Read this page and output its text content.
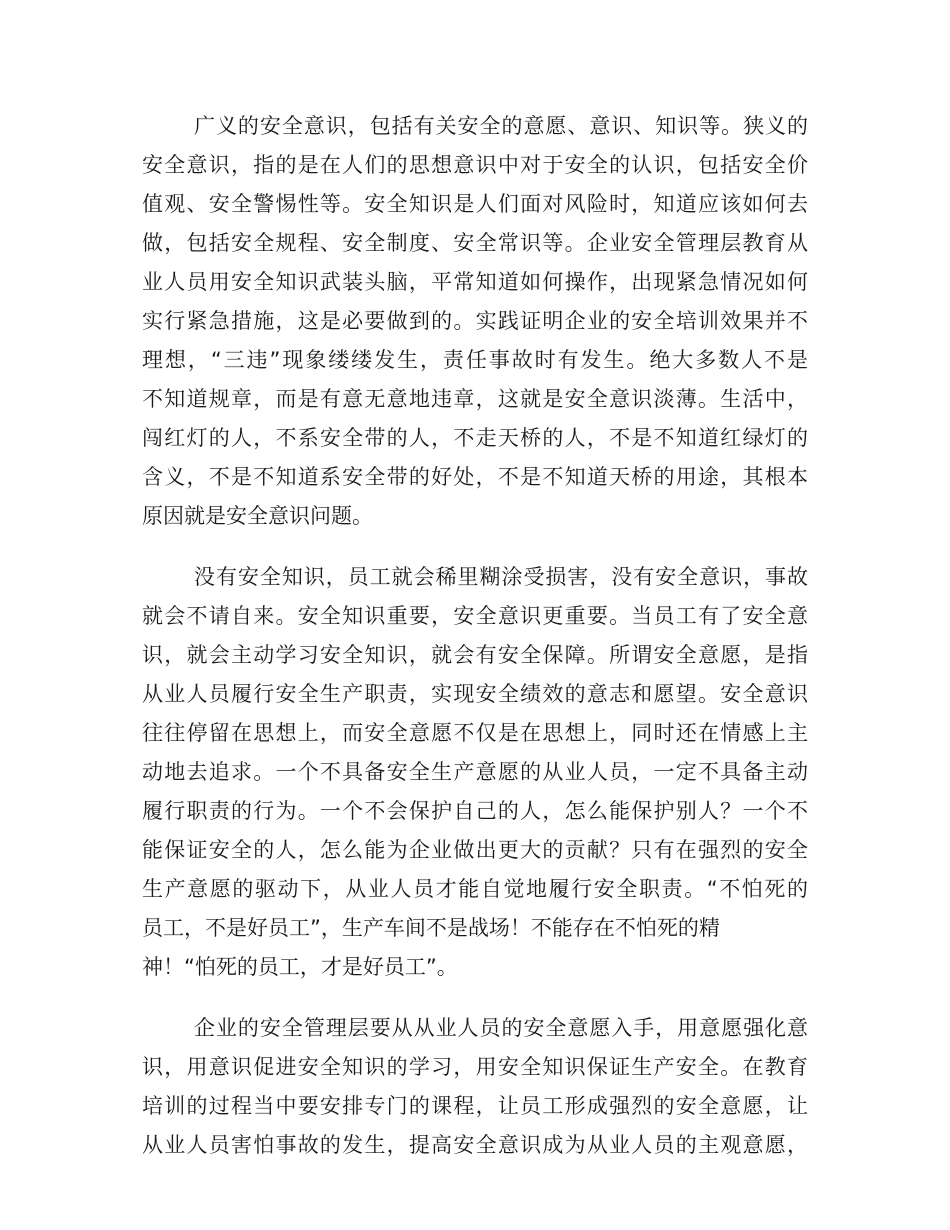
广义的安全意识，包括有关安全的意愿、意识、知识等。狭义的
安全意识，指的是在人们的思想意识中对于安全的认识，包括安全价
值观、安全警惕性等。安全知识是人们面对风险时，知道应该如何去
做，包括安全规程、安全制度、安全常识等。企业安全管理层教育从
业人员用安全知识武装头脑，平常知道如何操作，出现紧急情况如何
实行紧急措施，这是必要做到的。实践证明企业的安全培训效果并不
理想，“三违”现象缕缕发生，责任事故时有发生。绝大多数人不是
不知道规章，而是有意无意地违章，这就是安全意识淡薄。生活中，
闯红灯的人，不系安全带的人，不走天桥的人，不是不知道红绿灯的
含义，不是不知道系安全带的好处，不是不知道天桥的用途，其根本
原因就是安全意识问题。

没有安全知识，员工就会稀里糊涂受损害，没有安全意识，事故
就会不请自来。安全知识重要，安全意识更重要。当员工有了安全意
识，就会主动学习安全知识，就会有安全保障。所谓安全意愿，是指
从业人员履行安全生产职责，实现安全绩效的意志和愿望。安全意识
往往停留在思想上，而安全意愿不仅是在思想上，同时还在情感上主
动地去追求。一个不具备安全生产意愿的从业人员，一定不具备主动
履行职责的行为。一个不会保护自己的人，怎么能保护别人？一个不
能保证安全的人，怎么能为企业做出更大的贡献？只有在强烈的安全
生产意愿的驱动下，从业人员才能自觉地履行安全职责。“不怕死的
员工，不是好员工”，生产车间不是战场！不能存在不怕死的精
神！“怕死的员工，才是好员工”。

企业的安全管理层要从从业人员的安全意愿入手，用意愿强化意
识，用意识促进安全知识的学习，用安全知识保证生产安全。在教育
培训的过程当中要安排专门的课程，让员工形成强烈的安全意愿，让
从业人员害怕事故的发生，提高安全意识成为从业人员的主观意愿，
